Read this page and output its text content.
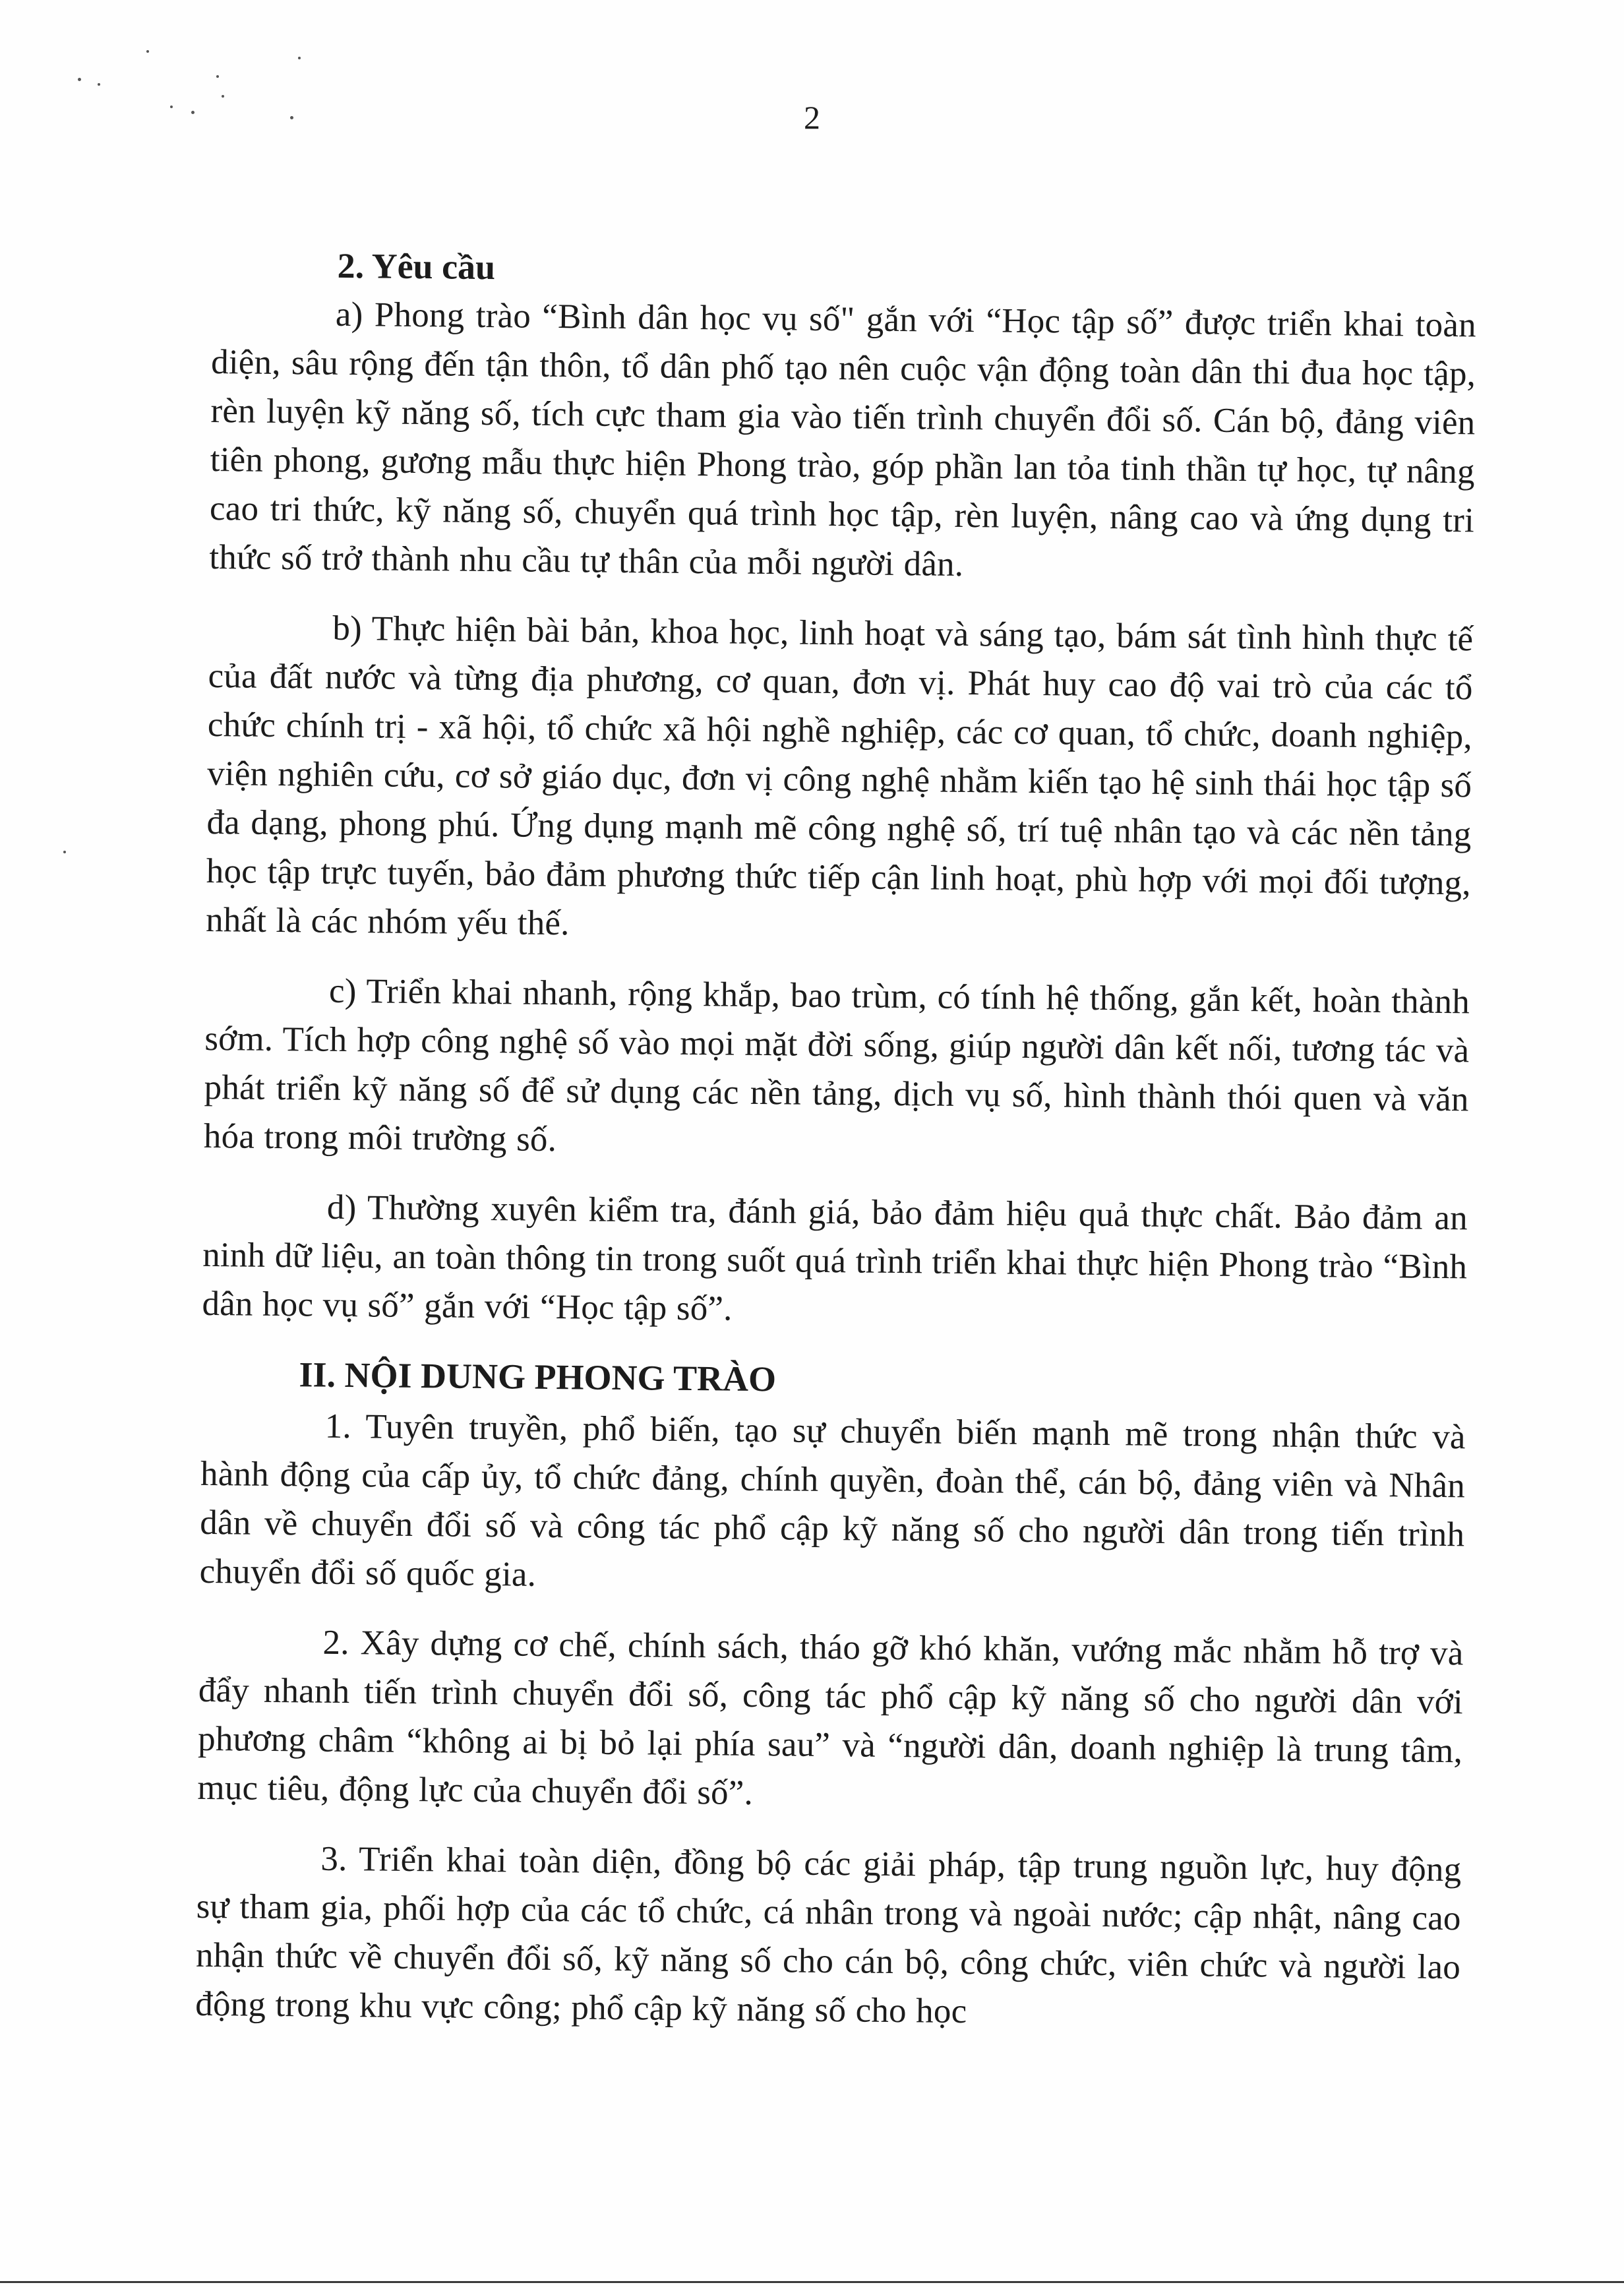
2

2. Yêu cầu

a) Phong trào “Bình dân học vụ số" gắn với “Học tập số” được triển khai toàn diện, sâu rộng đến tận thôn, tổ dân phố tạo nên cuộc vận động toàn dân thi đua học tập, rèn luyện kỹ năng số, tích cực tham gia vào tiến trình chuyển đổi số. Cán bộ, đảng viên tiên phong, gương mẫu thực hiện Phong trào, góp phần lan tỏa tinh thần tự học, tự nâng cao tri thức, kỹ năng số, chuyển quá trình học tập, rèn luyện, nâng cao và ứng dụng tri thức số trở thành nhu cầu tự thân của mỗi người dân.

b) Thực hiện bài bản, khoa học, linh hoạt và sáng tạo, bám sát tình hình thực tế của đất nước và từng địa phương, cơ quan, đơn vị. Phát huy cao độ vai trò của các tổ chức chính trị - xã hội, tổ chức xã hội nghề nghiệp, các cơ quan, tổ chức, doanh nghiệp, viện nghiên cứu, cơ sở giáo dục, đơn vị công nghệ nhằm kiến tạo hệ sinh thái học tập số đa dạng, phong phú. Ứng dụng mạnh mẽ công nghệ số, trí tuệ nhân tạo và các nền tảng học tập trực tuyến, bảo đảm phương thức tiếp cận linh hoạt, phù hợp với mọi đối tượng, nhất là các nhóm yếu thế.

c) Triển khai nhanh, rộng khắp, bao trùm, có tính hệ thống, gắn kết, hoàn thành sớm. Tích hợp công nghệ số vào mọi mặt đời sống, giúp người dân kết nối, tương tác và phát triển kỹ năng số để sử dụng các nền tảng, dịch vụ số, hình thành thói quen và văn hóa trong môi trường số.

d) Thường xuyên kiểm tra, đánh giá, bảo đảm hiệu quả thực chất. Bảo đảm an ninh dữ liệu, an toàn thông tin trong suốt quá trình triển khai thực hiện Phong trào “Bình dân học vụ số” gắn với “Học tập số”.

II. NỘI DUNG PHONG TRÀO

1. Tuyên truyền, phổ biến, tạo sự chuyển biến mạnh mẽ trong nhận thức và hành động của cấp ủy, tổ chức đảng, chính quyền, đoàn thể, cán bộ, đảng viên và Nhân dân về chuyển đổi số và công tác phổ cập kỹ năng số cho người dân trong tiến trình chuyển đổi số quốc gia.

2. Xây dựng cơ chế, chính sách, tháo gỡ khó khăn, vướng mắc nhằm hỗ trợ và đẩy nhanh tiến trình chuyển đổi số, công tác phổ cập kỹ năng số cho người dân với phương châm “không ai bị bỏ lại phía sau” và “người dân, doanh nghiệp là trung tâm, mục tiêu, động lực của chuyển đổi số”.

3. Triển khai toàn diện, đồng bộ các giải pháp, tập trung nguồn lực, huy động sự tham gia, phối hợp của các tổ chức, cá nhân trong và ngoài nước; cập nhật, nâng cao nhận thức về chuyển đổi số, kỹ năng số cho cán bộ, công chức, viên chức và người lao động trong khu vực công; phổ cập kỹ năng số cho học
